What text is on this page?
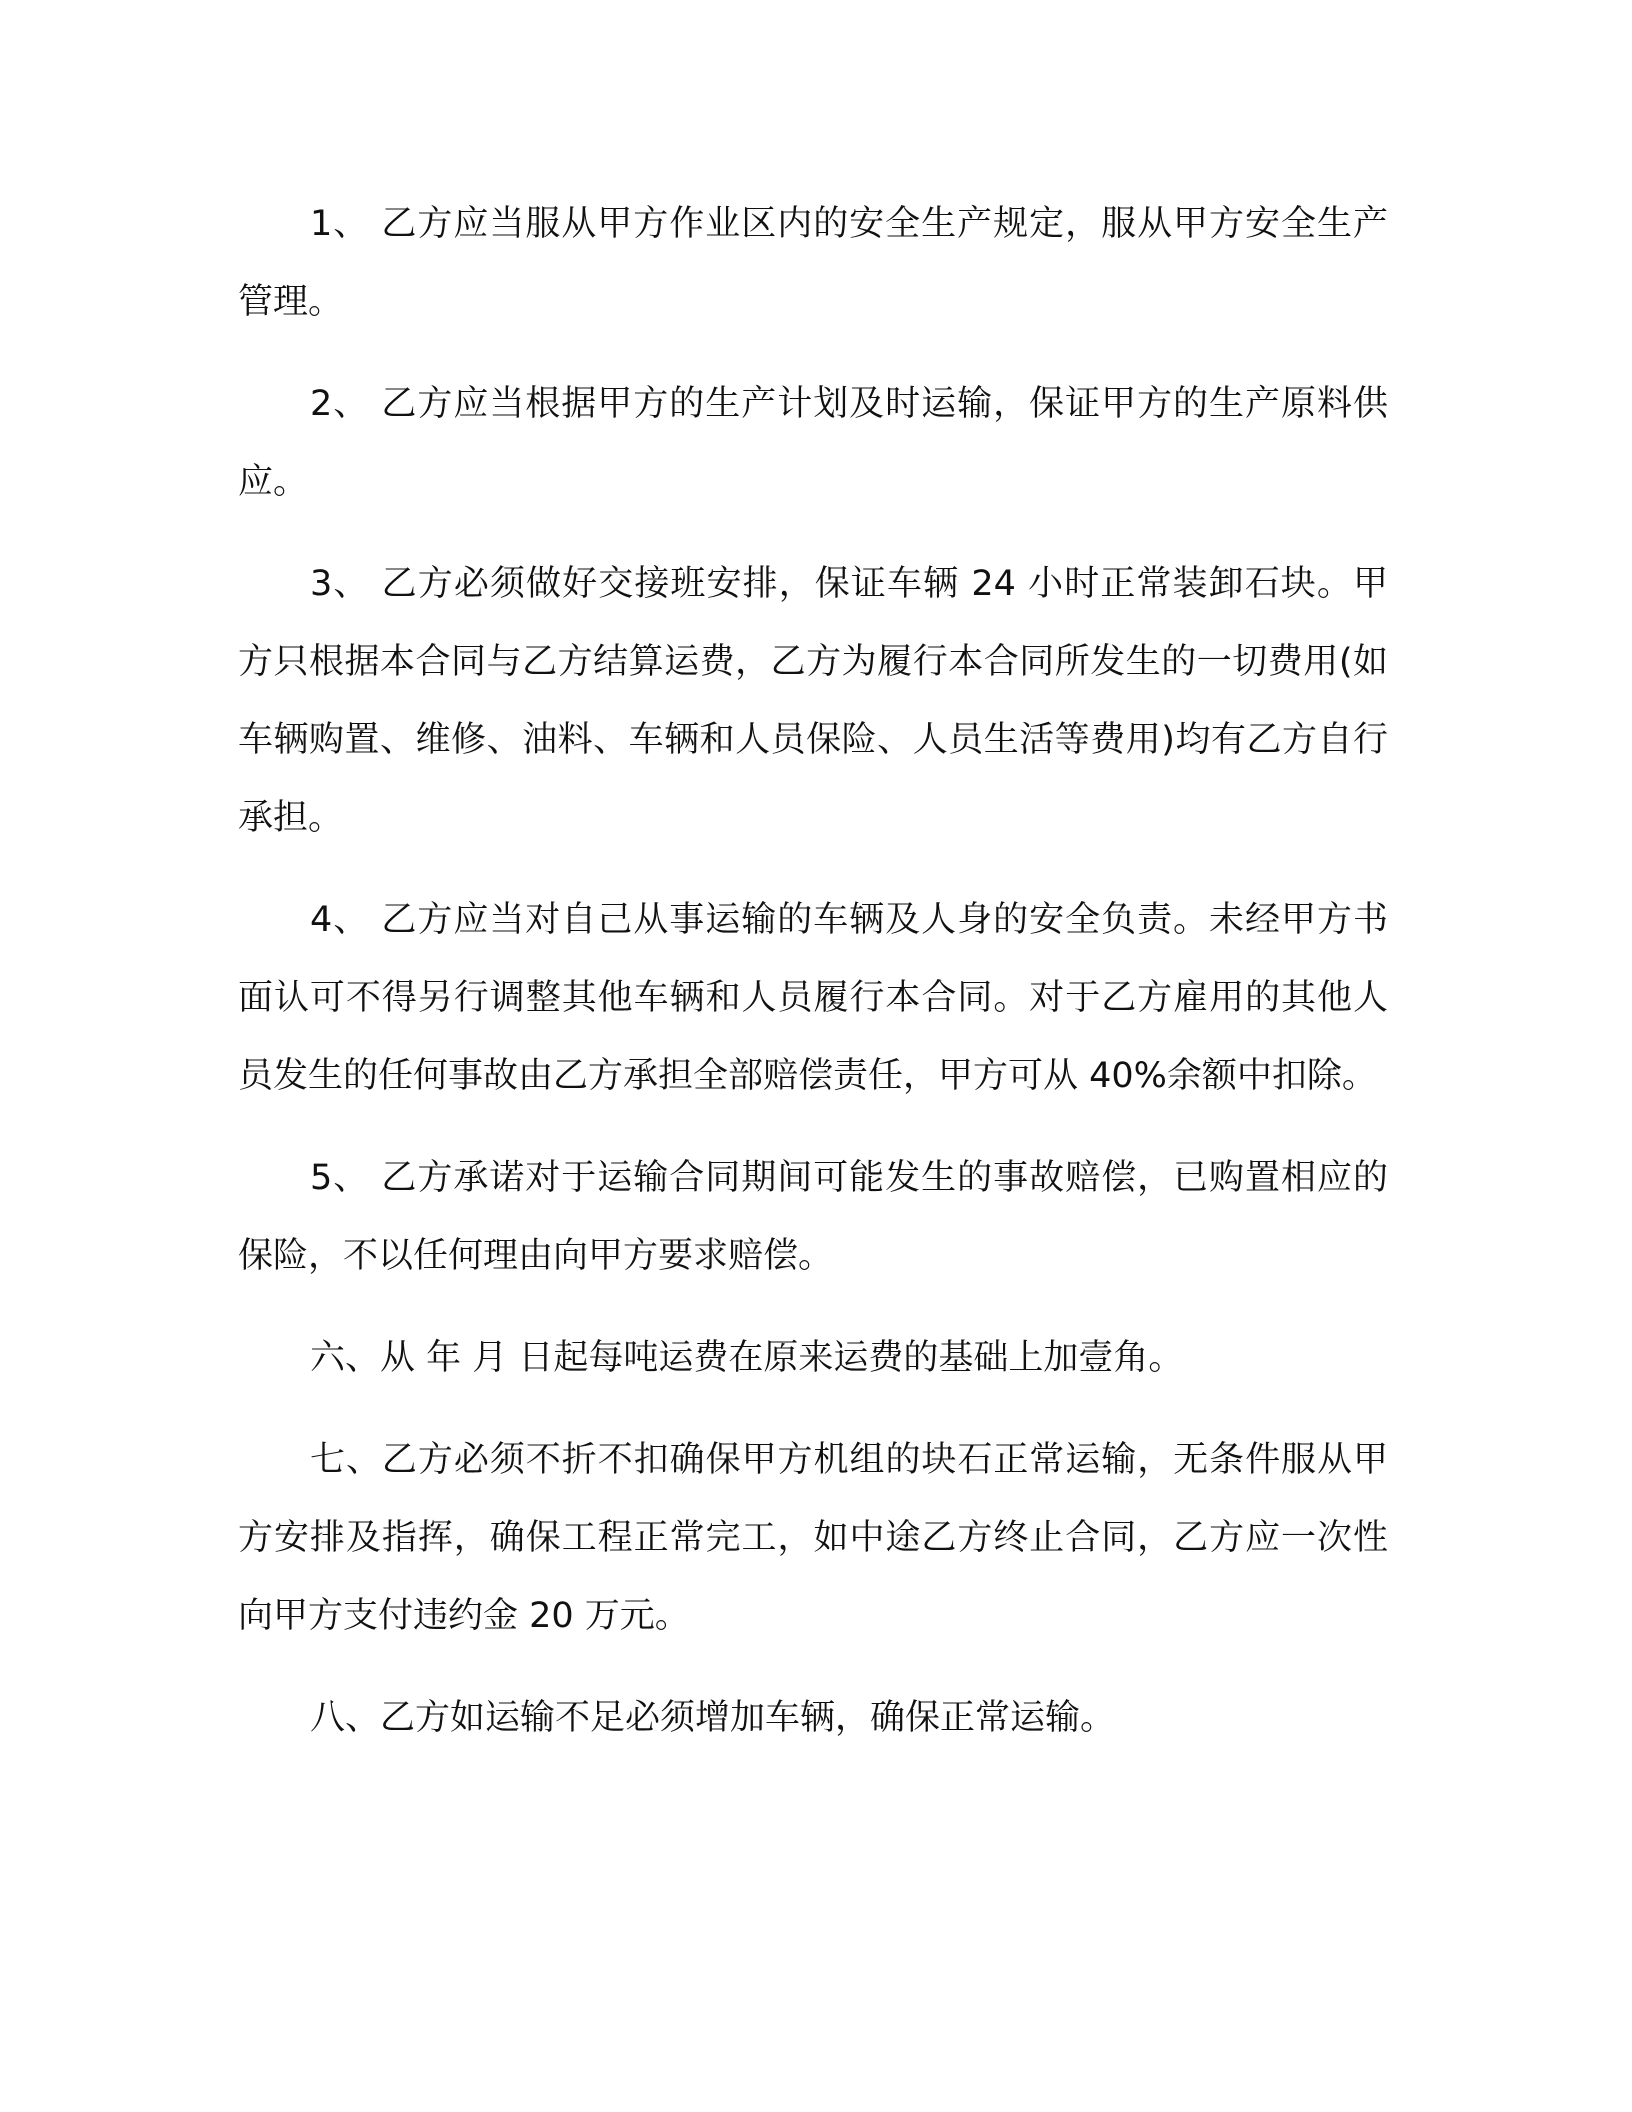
1、 乙方应当服从甲方作业区内的安全生产规定，服从甲方安全生产管理。

2、 乙方应当根据甲方的生产计划及时运输，保证甲方的生产原料供应。

3、 乙方必须做好交接班安排，保证车辆 24 小时正常装卸石块。甲方只根据本合同与乙方结算运费，乙方为履行本合同所发生的一切费用(如车辆购置、维修、油料、车辆和人员保险、人员生活等费用)均有乙方自行承担。

4、 乙方应当对自己从事运输的车辆及人身的安全负责。未经甲方书面认可不得另行调整其他车辆和人员履行本合同。对于乙方雇用的其他人员发生的任何事故由乙方承担全部赔偿责任，甲方可从 40%余额中扣除。

5、 乙方承诺对于运输合同期间可能发生的事故赔偿，已购置相应的保险，不以任何理由向甲方要求赔偿。

六、从 年 月 日起每吨运费在原来运费的基础上加壹角。

七、乙方必须不折不扣确保甲方机组的块石正常运输，无条件服从甲方安排及指挥，确保工程正常完工，如中途乙方终止合同，乙方应一次性向甲方支付违约金 20 万元。

八、乙方如运输不足必须增加车辆，确保正常运输。
